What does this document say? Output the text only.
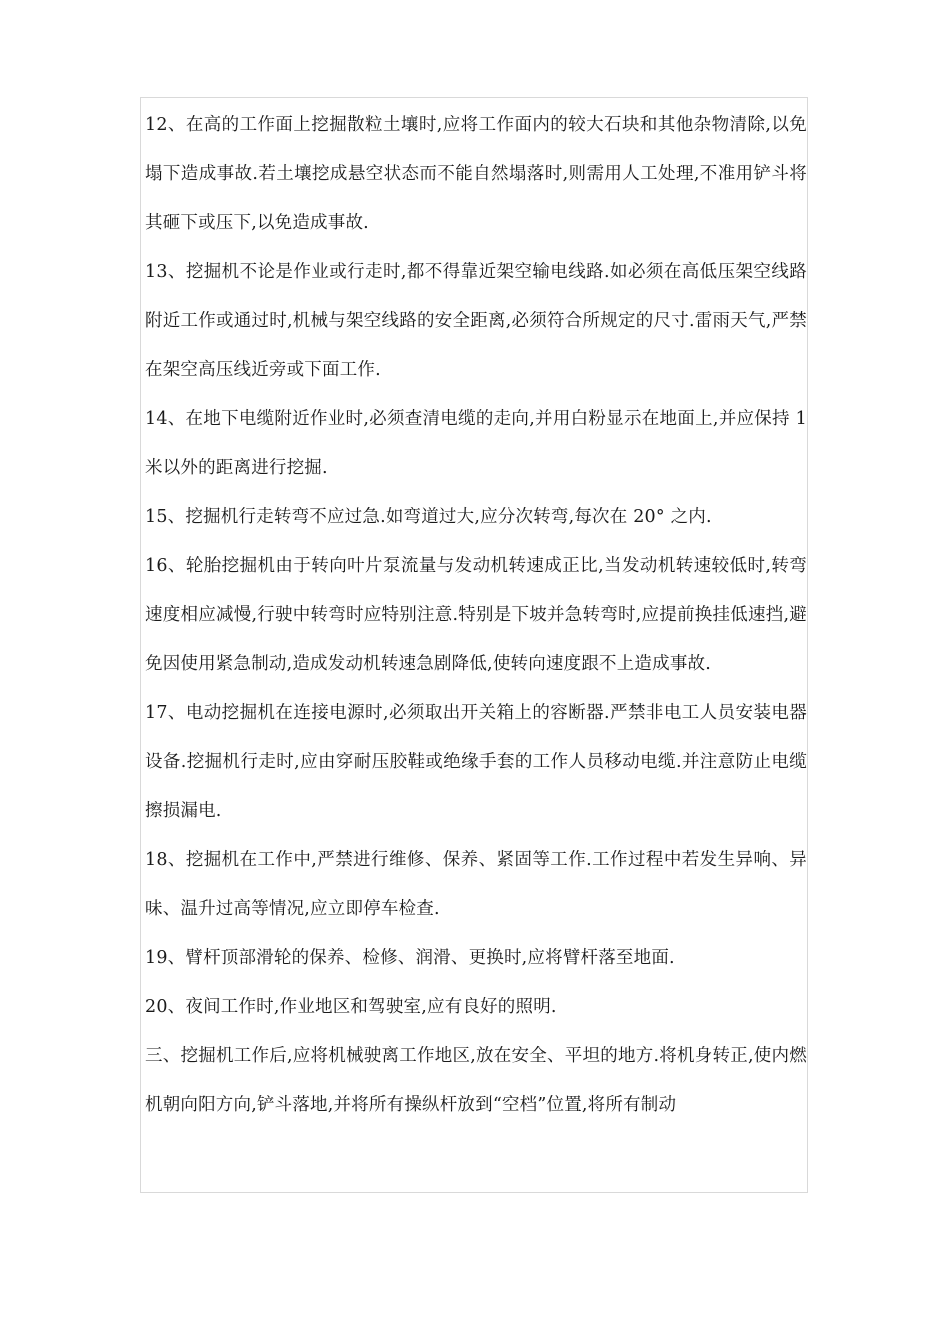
12、在高的工作面上挖掘散粒土壤时,应将工作面内的较大石块和其他杂物清除,以免塌下造成事故.若土壤挖成悬空状态而不能自然塌落时,则需用人工处理,不准用铲斗将其砸下或压下,以免造成事故.

13、挖掘机不论是作业或行走时,都不得靠近架空输电线路.如必须在高低压架空线路附近工作或通过时,机械与架空线路的安全距离,必须符合所规定的尺寸.雷雨天气,严禁在架空高压线近旁或下面工作.

14、在地下电缆附近作业时,必须查清电缆的走向,并用白粉显示在地面上,并应保持 1 米以外的距离进行挖掘.

15、挖掘机行走转弯不应过急.如弯道过大,应分次转弯,每次在 20° 之内.

16、轮胎挖掘机由于转向叶片泵流量与发动机转速成正比,当发动机转速较低时,转弯速度相应减慢,行驶中转弯时应特别注意.特别是下坡并急转弯时,应提前换挂低速挡,避免因使用紧急制动,造成发动机转速急剧降低,使转向速度跟不上造成事故.

17、电动挖掘机在连接电源时,必须取出开关箱上的容断器.严禁非电工人员安装电器设备.挖掘机行走时,应由穿耐压胶鞋或绝缘手套的工作人员移动电缆.并注意防止电缆擦损漏电.

18、挖掘机在工作中,严禁进行维修、保养、紧固等工作.工作过程中若发生异响、异味、温升过高等情况,应立即停车检查.

19、臂杆顶部滑轮的保养、检修、润滑、更换时,应将臂杆落至地面.

20、夜间工作时,作业地区和驾驶室,应有良好的照明.

三、挖掘机工作后,应将机械驶离工作地区,放在安全、平坦的地方.将机身转正,使内燃机朝向阳方向,铲斗落地,并将所有操纵杆放到“空档”位置,将所有制动
